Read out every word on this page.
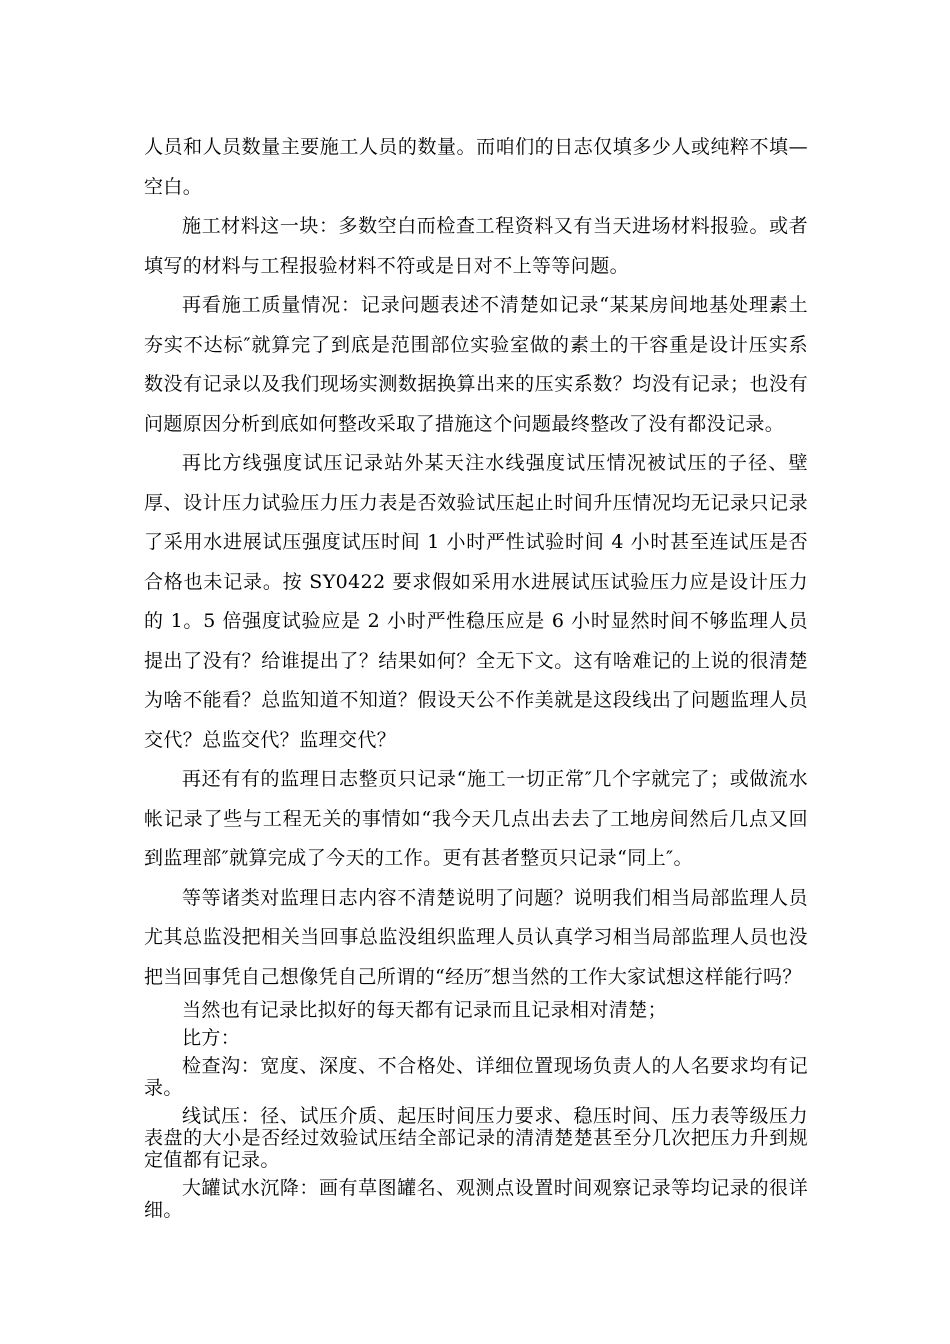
人员和人员数量主要施工人员的数量。而咱们的日志仅填多少人或纯粹不填—空白。

施工材料这一块：多数空白而检查工程资料又有当天进场材料报验。或者填写的材料与工程报验材料不符或是日对不上等等问题。

再看施工质量情况：记录问题表述不清楚如记录“某某房间地基处理素土夯实不达标″就算完了到底是范围部位实验室做的素土的干容重是设计压实系数没有记录以及我们现场实测数据换算出来的压实系数？均没有记录；也没有问题原因分析到底如何整改采取了措施这个问题最终整改了没有都没记录。

再比方线强度试压记录站外某天注水线强度试压情况被试压的子径、壁厚、设计压力试验压力压力表是否效验试压起止时间升压情况均无记录只记录了采用水进展试压强度试压时间 1 小时严性试验时间 4 小时甚至连试压是否合格也未记录。按 SY0422 要求假如采用水进展试压试验压力应是设计压力的 1。5 倍强度试验应是 2 小时严性稳压应是 6 小时显然时间不够监理人员提出了没有？给谁提出了？结果如何？全无下文。这有啥难记的上说的很清楚为啥不能看？总监知道不知道？假设天公不作美就是这段线出了问题监理人员交代？总监交代？监理交代？

再还有有的监理日志整页只记录“施工一切正常″几个字就完了；或做流水帐记录了些与工程无关的事情如“我今天几点出去去了工地房间然后几点又回到监理部″就算完成了今天的工作。更有甚者整页只记录“同上″。

等等诸类对监理日志内容不清楚说明了问题？说明我们相当局部监理人员尤其总监没把相关当回事总监没组织监理人员认真学习相当局部监理人员也没把当回事凭自己想像凭自己所谓的“经历″想当然的工作大家试想这样能行吗？

当然也有记录比拟好的每天都有记录而且记录相对清楚；

比方：

检查沟：宽度、深度、不合格处、详细位置现场负责人的人名要求均有记录。

线试压：径、试压介质、起压时间压力要求、稳压时间、压力表等级压力表盘的大小是否经过效验试压结全部记录的清清楚楚甚至分几次把压力升到规定值都有记录。

大罐试水沉降：画有草图罐名、观测点设置时间观察记录等均记录的很详细。
